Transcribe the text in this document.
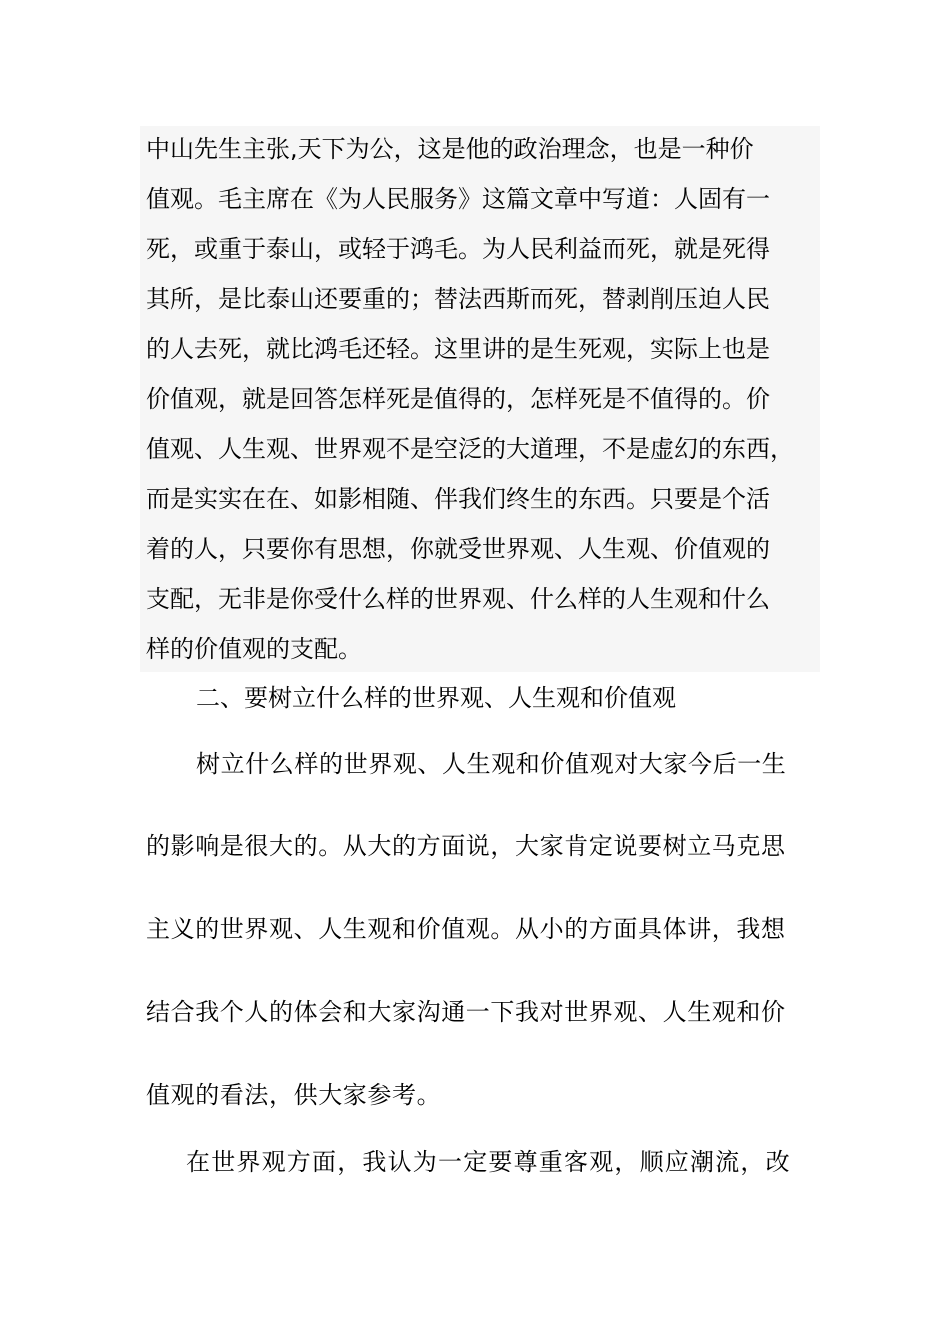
中山先生主张,天下为公，这是他的政治理念，也是一种价
值观。毛主席在《为人民服务》这篇文章中写道：人固有一
死，或重于泰山，或轻于鸿毛。为人民利益而死，就是死得
其所，是比泰山还要重的；替法西斯而死，替剥削压迫人民
的人去死，就比鸿毛还轻。这里讲的是生死观，实际上也是
价值观，就是回答怎样死是值得的，怎样死是不值得的。价
值观、人生观、世界观不是空泛的大道理，不是虚幻的东西，
而是实实在在、如影相随、伴我们终生的东西。只要是个活
着的人，只要你有思想，你就受世界观、人生观、价值观的
支配，无非是你受什么样的世界观、什么样的人生观和什么
样的价值观的支配。
二、要树立什么样的世界观、人生观和价值观
树立什么样的世界观、人生观和价值观对大家今后一生
的影响是很大的。从大的方面说，大家肯定说要树立马克思
主义的世界观、人生观和价值观。从小的方面具体讲，我想
结合我个人的体会和大家沟通一下我对世界观、人生观和价
值观的看法，供大家参考。
在世界观方面，我认为一定要尊重客观，顺应潮流，改
